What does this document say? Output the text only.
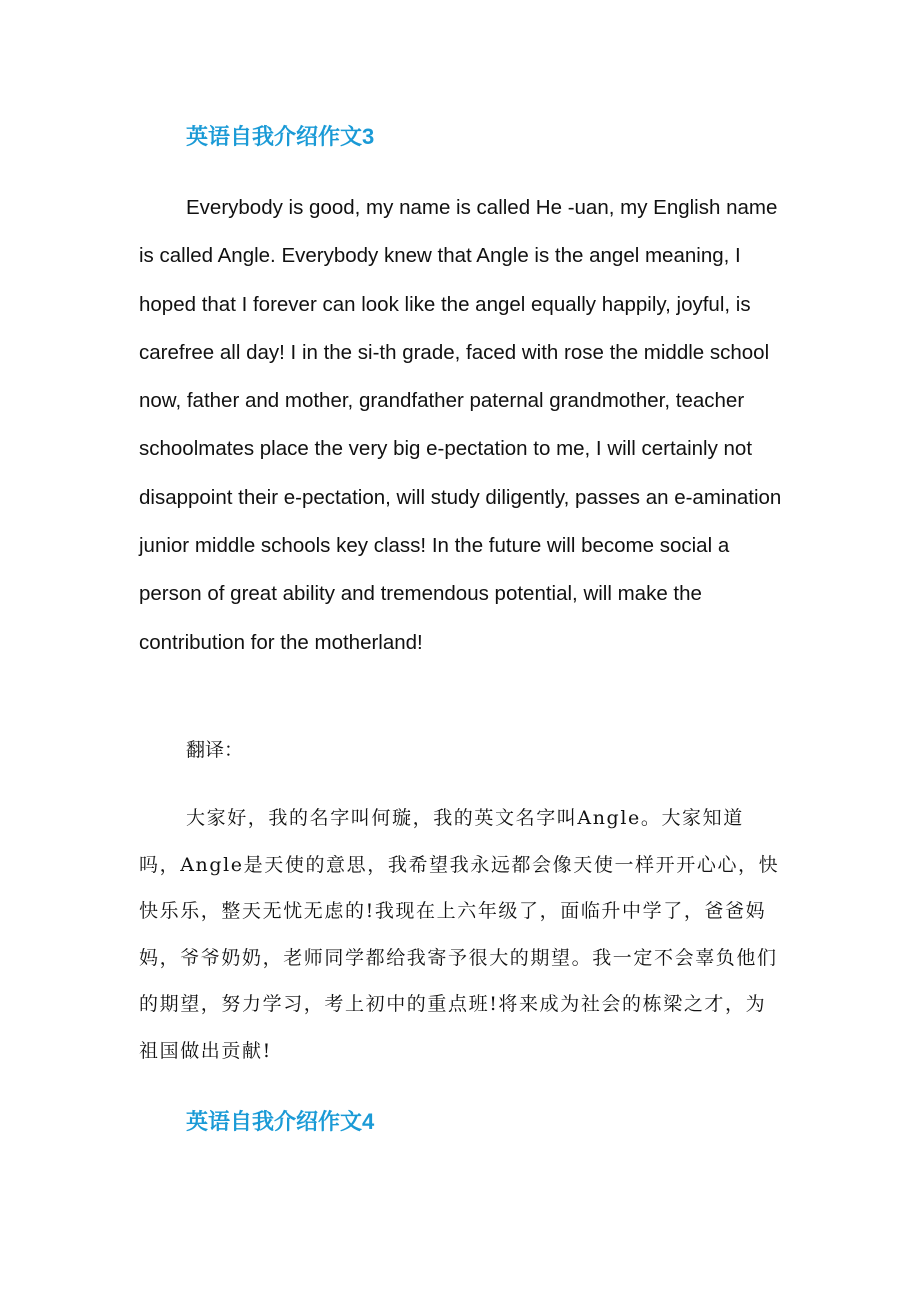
英语自我介绍作文3

Everybody is good, my name is called He -uan, my English name is called Angle. Everybody knew that Angle is the angel meaning, I hoped that I forever can look like the angel equally happily, joyful, is carefree all day! I in the si-th grade, faced with rose the middle school now, father and mother, grandfather paternal grandmother, teacher schoolmates place the very big e-pectation to me, I will certainly not disappoint their e-pectation, will study diligently, passes an e-amination junior middle schools key class! In the future will become social a person of great ability and tremendous potential, will make the contribution for the motherland!

翻译：

大家好，我的名字叫何璇，我的英文名字叫Angle。大家知道吗，Angle是天使的意思，我希望我永远都会像天使一样开开心心，快快乐乐，整天无忧无虑的!我现在上六年级了，面临升中学了，爸爸妈妈，爷爷奶奶，老师同学都给我寄予很大的期望。我一定不会辜负他们的期望，努力学习，考上初中的重点班!将来成为社会的栋梁之才，为祖国做出贡献!

英语自我介绍作文4
